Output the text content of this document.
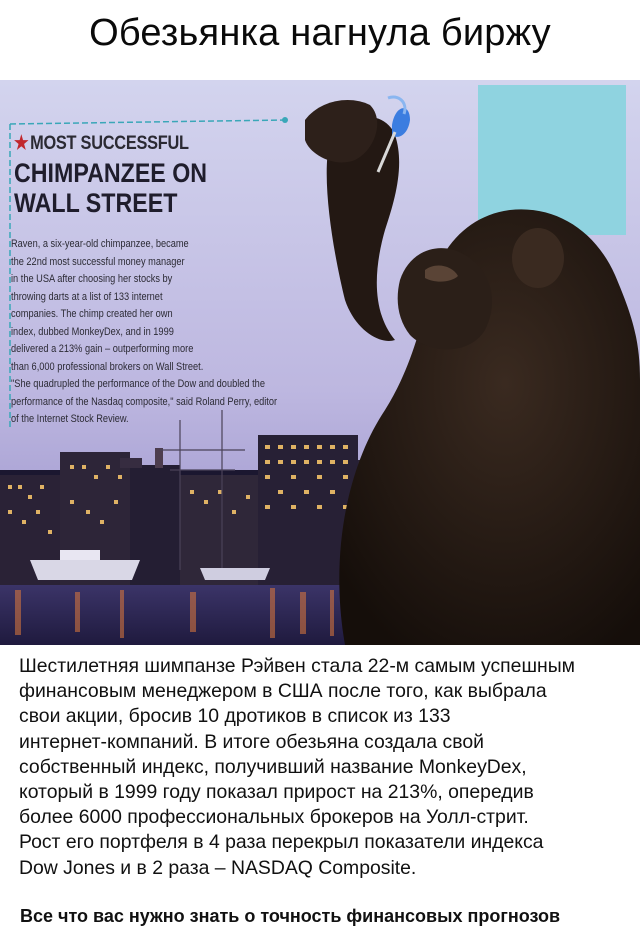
Обезьянка нагнула биржу
★MOST SUCCESSFUL
CHIMPANZEE ON
WALL STREET
Raven, a six-year-old chimpanzee, became
the 22nd most successful money manager
in the USA after choosing her stocks by
throwing darts at a list of 133 internet
companies. The chimp created her own
index, dubbed MonkeyDex, and in 1999
delivered a 213% gain – outperforming more
than 6,000 professional brokers on Wall Street.
"She quadrupled the performance of the Dow and doubled the
performance of the Nasdaq composite," said Roland Perry, editor
of the Internet Stock Review.
Шестилетняя шимпанзе Рэйвен стала 22-м самым успешным
финансовым менеджером в США после того, как выбрала
свои акции, бросив 10 дротиков в список из 133
интернет-компаний. В итоге обезьяна создала свой
собственный индекс, получивший название MonkeyDex,
который в 1999 году показал прирост на 213%, опередив
более 6000 профессиональных брокеров на Уолл-стрит.
Рост его портфеля в 4 раза перекрыл показатели индекса
Dow Jones и в 2 раза – NASDAQ Composite.
Все что вас нужно знать о точность финансовых прогнозов
